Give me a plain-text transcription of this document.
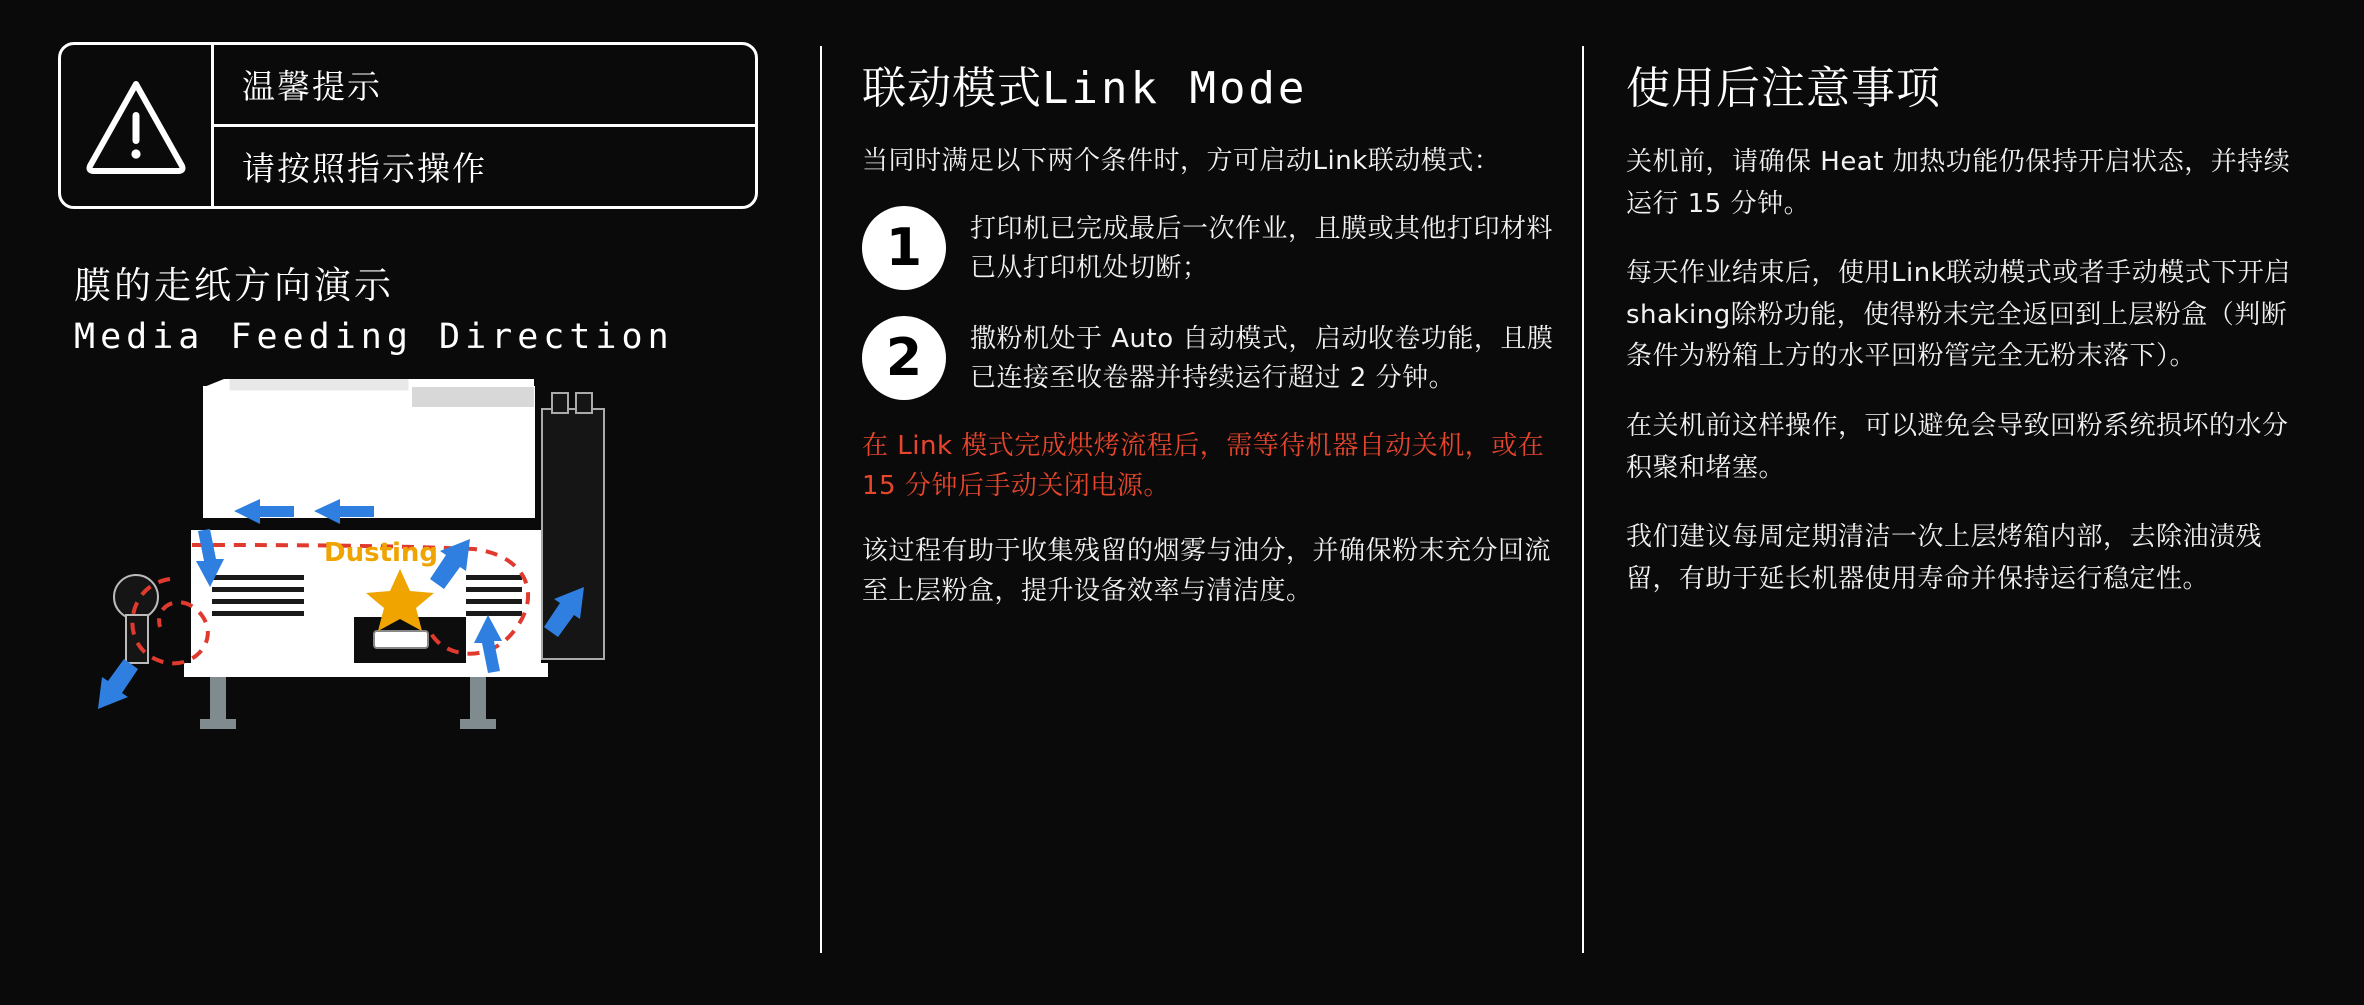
温馨提示
请按照指示操作
膜的走纸方向演示
Media Feeding Direction
Dusting
联动模式Link Mode

当同时满足以下两个条件时，方可启动Link联动模式：

1	打印机已完成最后一次作业，且膜或其他打印材料已从打印机处切断；
2	撒粉机处于 Auto 自动模式，启动收卷功能，且膜已连接至收卷器并持续运行超过 2 分钟。

在 Link 模式完成烘烤流程后，需等待机器自动关机，或在 15 分钟后手动关闭电源。

该过程有助于收集残留的烟雾与油分，并确保粉末充分回流至上层粉盒，提升设备效率与清洁度。

使用后注意事项

关机前，请确保 Heat 加热功能仍保持开启状态，并持续运行 15 分钟。

每天作业结束后，使用Link联动模式或者手动模式下开启shaking除粉功能，使得粉末完全返回到上层粉盒（判断条件为粉箱上方的水平回粉管完全无粉末落下）。

在关机前这样操作，可以避免会导致回粉系统损坏的水分积聚和堵塞。

我们建议每周定期清洁一次上层烤箱内部，去除油渍残留，有助于延长机器使用寿命并保持运行稳定性。
